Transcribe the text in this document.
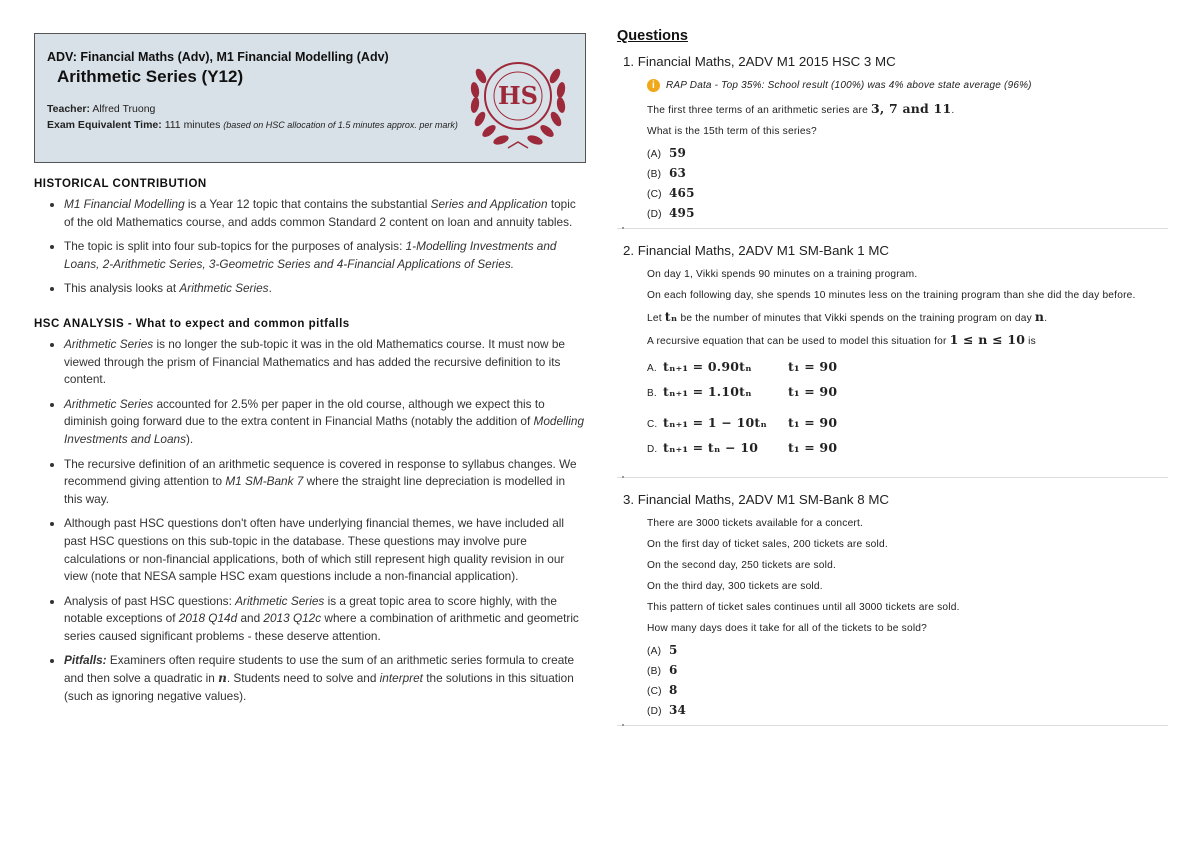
ADV: Financial Maths (Adv), M1 Financial Modelling (Adv)
Arithmetic Series (Y12)
Teacher: Alfred Truong
Exam Equivalent Time: 111 minutes (based on HSC allocation of 1.5 minutes approx. per mark)
HS
HISTORICAL CONTRIBUTION
• M1 Financial Modelling is a Year 12 topic that contains the substantial Series and Application topic of the old Mathematics course, and adds common Standard 2 content on loan and annuity tables.
• The topic is split into four sub-topics for the purposes of analysis: 1-Modelling Investments and Loans, 2-Arithmetic Series, 3-Geometric Series and 4-Financial Applications of Series.
• This analysis looks at Arithmetic Series.
HSC ANALYSIS - What to expect and common pitfalls
• Arithmetic Series is no longer the sub-topic it was in the old Mathematics course. It must now be viewed through the prism of Financial Mathematics and has added the recursive definition to its content.
• Arithmetic Series accounted for 2.5% per paper in the old course, although we expect this to diminish going forward due to the extra content in Financial Maths (notably the addition of Modelling Investments and Loans).
• The recursive definition of an arithmetic sequence is covered in response to syllabus changes. We recommend giving attention to M1 SM-Bank 7 where the straight line depreciation is modelled in this way.
• Although past HSC questions don't often have underlying financial themes, we have included all past HSC questions on this sub-topic in the database. These questions may involve pure calculations or non-financial applications, both of which still represent high quality revision in our view (note that NESA sample HSC exam questions include a non-financial application).
• Analysis of past HSC questions: Arithmetic Series is a great topic area to score highly, with the notable exceptions of 2018 Q14d and 2013 Q12c where a combination of arithmetic and geometric series caused significant problems - these deserve attention.
• Pitfalls: Examiners often require students to use the sum of an arithmetic series formula to create and then solve a quadratic in n. Students need to solve and interpret the solutions in this situation (such as ignoring negative values).
Questions
1. Financial Maths, 2ADV M1 2015 HSC 3 MC
i	RAP Data - Top 35%: School result (100%) was 4% above state average (96%)

The first three terms of an arithmetic series are 3, 7 and 11.

What is the 15th term of this series?

(A) 59
(B) 63
(C) 465
(D) 495
2. Financial Maths, 2ADV M1 SM-Bank 1 MC

On day 1, Vikki spends 90 minutes on a training program.

On each following day, she spends 10 minutes less on the training program than she did the day before.

Let tₙ be the number of minutes that Vikki spends on the training program on day n.

A recursive equation that can be used to model this situation for 1 ≤ n ≤ 10 is

A. tₙ₊₁ = 0.90tₙ	t₁ = 90
B. tₙ₊₁ = 1.10tₙ	t₁ = 90
C. tₙ₊₁ = 1 − 10tₙ	t₁ = 90
D. tₙ₊₁ = tₙ − 10	t₁ = 90
3. Financial Maths, 2ADV M1 SM-Bank 8 MC

There are 3000 tickets available for a concert.

On the first day of ticket sales, 200 tickets are sold.

On the second day, 250 tickets are sold.

On the third day, 300 tickets are sold.

This pattern of ticket sales continues until all 3000 tickets are sold.

How many days does it take for all of the tickets to be sold?

(A) 5
(B) 6
(C) 8
(D) 34
